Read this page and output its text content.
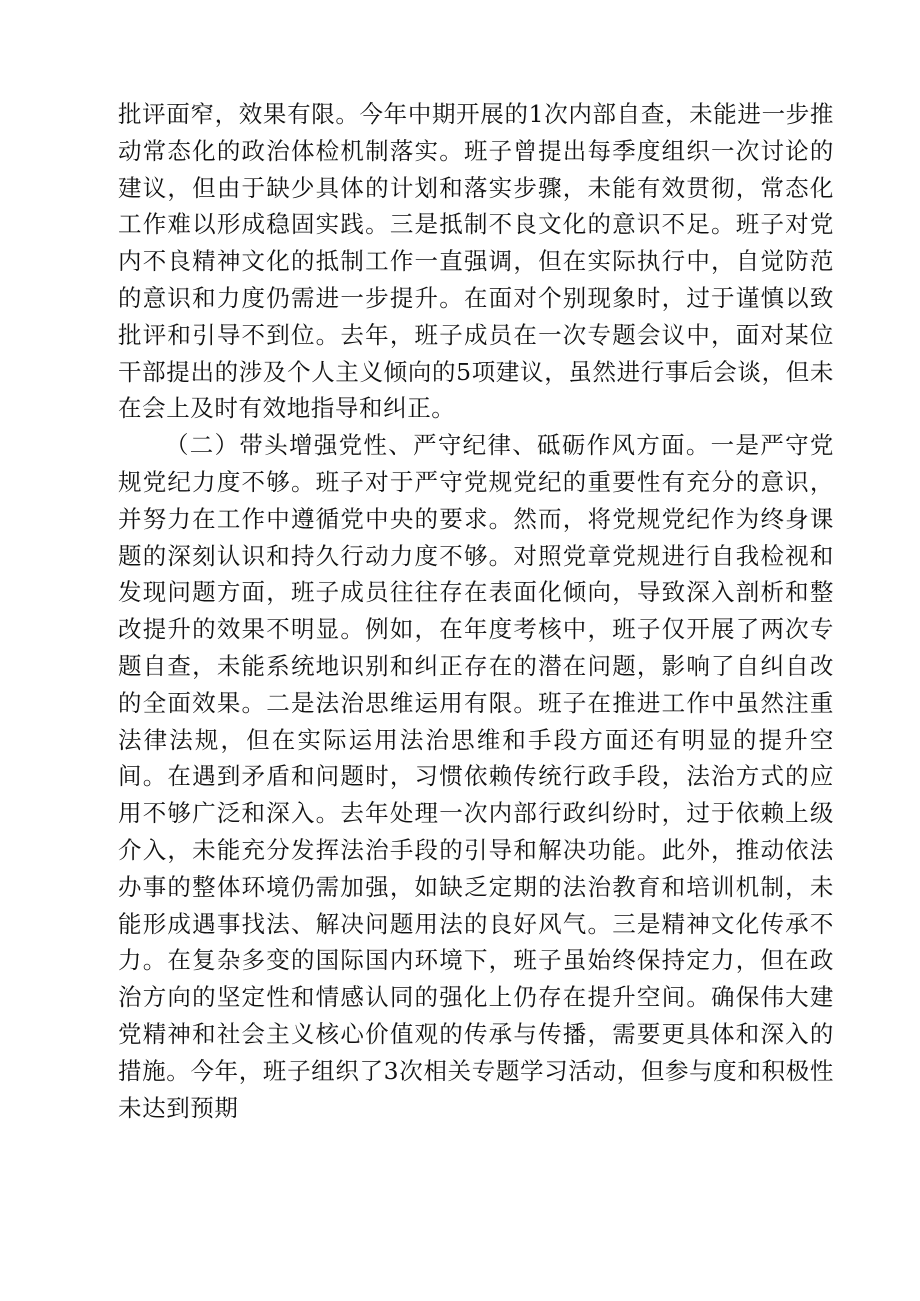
批评面窄，效果有限。今年中期开展的1次内部自查，未能进一步推动常态化的政治体检机制落实。班子曾提出每季度组织一次讨论的建议，但由于缺少具体的计划和落实步骤，未能有效贯彻，常态化工作难以形成稳固实践。三是抵制不良文化的意识不足。班子对党内不良精神文化的抵制工作一直强调，但在实际执行中，自觉防范的意识和力度仍需进一步提升。在面对个别现象时，过于谨慎以致批评和引导不到位。去年，班子成员在一次专题会议中，面对某位干部提出的涉及个人主义倾向的5项建议，虽然进行事后会谈，但未在会上及时有效地指导和纠正。

（二）带头增强党性、严守纪律、砥砺作风方面。一是严守党规党纪力度不够。班子对于严守党规党纪的重要性有充分的意识，并努力在工作中遵循党中央的要求。然而，将党规党纪作为终身课题的深刻认识和持久行动力度不够。对照党章党规进行自我检视和发现问题方面，班子成员往往存在表面化倾向，导致深入剖析和整改提升的效果不明显。例如，在年度考核中，班子仅开展了两次专题自查，未能系统地识别和纠正存在的潜在问题，影响了自纠自改的全面效果。二是法治思维运用有限。班子在推进工作中虽然注重法律法规，但在实际运用法治思维和手段方面还有明显的提升空间。在遇到矛盾和问题时，习惯依赖传统行政手段，法治方式的应用不够广泛和深入。去年处理一次内部行政纠纷时，过于依赖上级介入，未能充分发挥法治手段的引导和解决功能。此外，推动依法办事的整体环境仍需加强，如缺乏定期的法治教育和培训机制，未能形成遇事找法、解决问题用法的良好风气。三是精神文化传承不力。在复杂多变的国际国内环境下，班子虽始终保持定力，但在政治方向的坚定性和情感认同的强化上仍存在提升空间。确保伟大建党精神和社会主义核心价值观的传承与传播，需要更具体和深入的措施。今年，班子组织了3次相关专题学习活动，但参与度和积极性未达到预期
